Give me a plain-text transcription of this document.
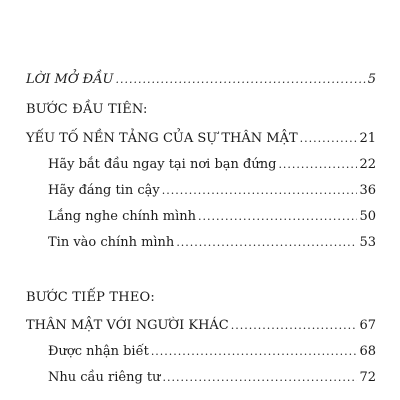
LỜI MỞ ĐẦU .....	5
BƯỚC ĐẦU TIÊN:
YẾU TỐ NỀN TẢNG CỦA SỰ THÂN MẬT .....	21
Hãy bắt đầu ngay tại nơi bạn đứng .....	22
Hãy đáng tin cậy .....	36
Lắng nghe chính mình .....	50
Tin vào chính mình .....	53
BƯỚC TIẾP THEO:
THÂN MẬT VỚI NGƯỜI KHÁC .....	67
Được nhận biết .....	68
Nhu cầu riêng tư .....	72
